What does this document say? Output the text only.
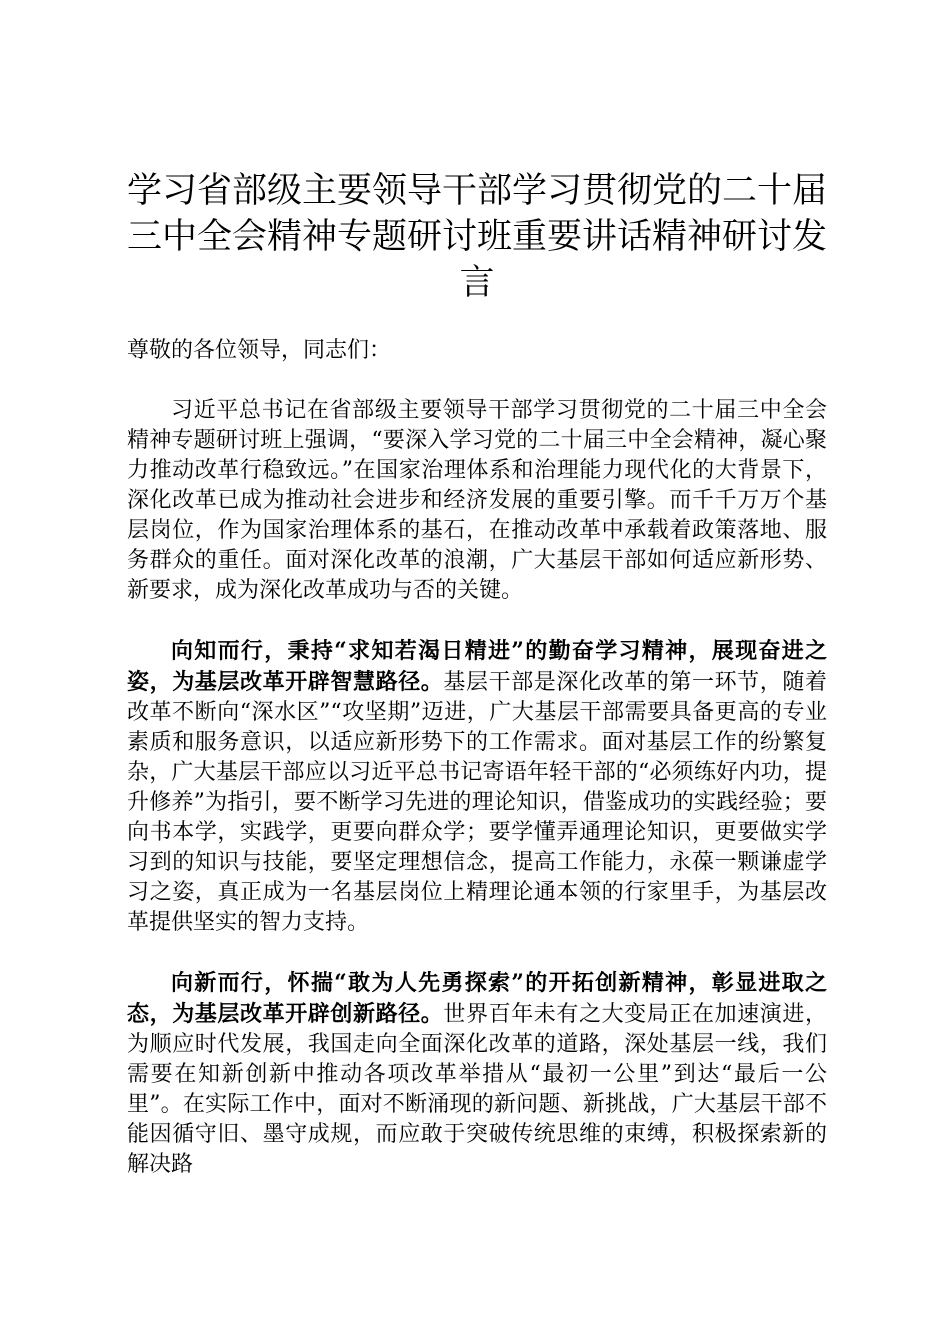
学习省部级主要领导干部学习贯彻党的二十届三中全会精神专题研讨班重要讲话精神研讨发言

尊敬的各位领导，同志们：

习近平总书记在省部级主要领导干部学习贯彻党的二十届三中全会精神专题研讨班上强调，“要深入学习党的二十届三中全会精神，凝心聚力推动改革行稳致远。”在国家治理体系和治理能力现代化的大背景下，深化改革已成为推动社会进步和经济发展的重要引擎。而千千万万个基层岗位，作为国家治理体系的基石，在推动改革中承载着政策落地、服务群众的重任。面对深化改革的浪潮，广大基层干部如何适应新形势、新要求，成为深化改革成功与否的关键。

向知而行，秉持“求知若渴日精进”的勤奋学习精神，展现奋进之姿，为基层改革开辟智慧路径。基层干部是深化改革的第一环节，随着改革不断向“深水区”“攻坚期”迈进，广大基层干部需要具备更高的专业素质和服务意识，以适应新形势下的工作需求。面对基层工作的纷繁复杂，广大基层干部应以习近平总书记寄语年轻干部的“必须练好内功，提升修养”为指引，要不断学习先进的理论知识，借鉴成功的实践经验；要向书本学，实践学，更要向群众学；要学懂弄通理论知识，更要做实学习到的知识与技能，要坚定理想信念，提高工作能力，永葆一颗谦虚学习之姿，真正成为一名基层岗位上精理论通本领的行家里手，为基层改革提供坚实的智力支持。

向新而行，怀揣“敢为人先勇探索”的开拓创新精神，彰显进取之态，为基层改革开辟创新路径。世界百年未有之大变局正在加速演进，为顺应时代发展，我国走向全面深化改革的道路，深处基层一线，我们需要在知新创新中推动各项改革举措从“最初一公里”到达“最后一公里”。在实际工作中，面对不断涌现的新问题、新挑战，广大基层干部不能因循守旧、墨守成规，而应敢于突破传统思维的束缚，积极探索新的解决路
